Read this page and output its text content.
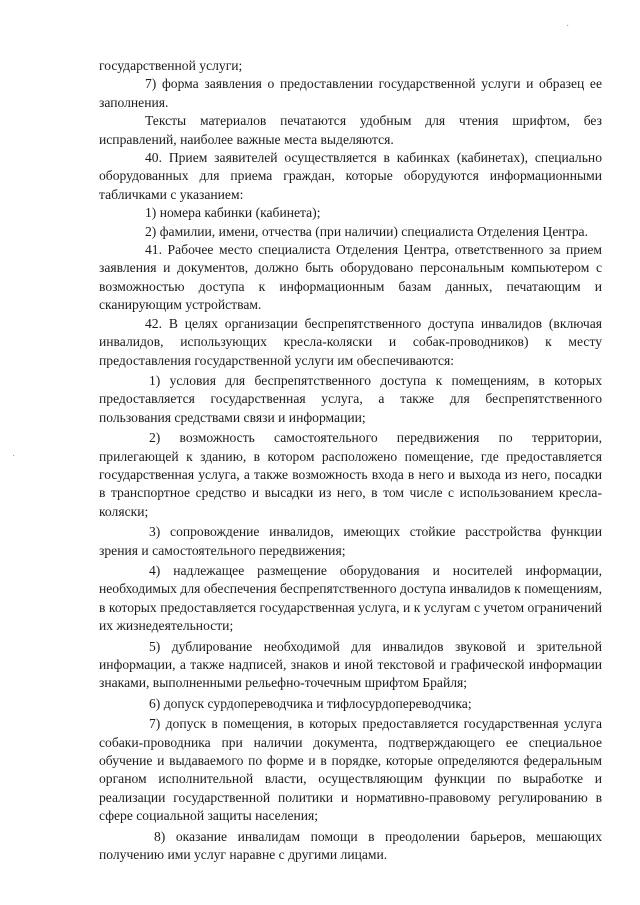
·
·

государственной услуги;

7) форма заявления о предоставлении государственной услуги и образец ее заполнения.

Тексты материалов печатаются удобным для чтения шрифтом, без исправлений, наиболее важные места выделяются.

40. Прием заявителей осуществляется в кабинках (кабинетах), специально оборудованных для приема граждан, которые оборудуются информационными табличками с указанием:

1) номера кабинки (кабинета);

2) фамилии, имени, отчества (при наличии) специалиста Отделения Центра.

41. Рабочее место специалиста Отделения Центра, ответственного за прием заявления и документов, должно быть оборудовано персональным компьютером с возможностью доступа к информационным базам данных, печатающим и сканирующим устройствам.

42. В целях организации беспрепятственного доступа инвалидов (включая инвалидов, использующих кресла-коляски и собак-проводников) к месту предоставления государственной услуги им обеспечиваются:

1) условия для беспрепятственного доступа к помещениям, в которых предоставляется государственная услуга, а также для беспрепятственного пользования средствами связи и информации;

2) возможность самостоятельного передвижения по территории, прилегающей к зданию, в котором расположено помещение, где предоставляется государственная услуга, а также возможность входа в него и выхода из него, посадки в транспортное средство и высадки из него, в том числе с использованием кресла-коляски;

3) сопровождение инвалидов, имеющих стойкие расстройства функции зрения и самостоятельного передвижения;

4) надлежащее размещение оборудования и носителей информации, необходимых для обеспечения беспрепятственного доступа инвалидов к помещениям, в которых предоставляется государственная услуга, и к услугам с учетом ограничений их жизнедеятельности;

5) дублирование необходимой для инвалидов звуковой и зрительной информации, а также надписей, знаков и иной текстовой и графической информации знаками, выполненными рельефно-точечным шрифтом Брайля;

6) допуск сурдопереводчика и тифлосурдопереводчика;

7) допуск в помещения, в которых предоставляется государственная услуга собаки-проводника при наличии документа, подтверждающего ее специальное обучение и выдаваемого по форме и в порядке, которые определяются федеральным органом исполнительной власти, осуществляющим функции по выработке и реализации государственной политики и нормативно-правовому регулированию в сфере социальной защиты населения;

8) оказание инвалидам помощи в преодолении барьеров, мешающих получению ими услуг наравне с другими лицами.
